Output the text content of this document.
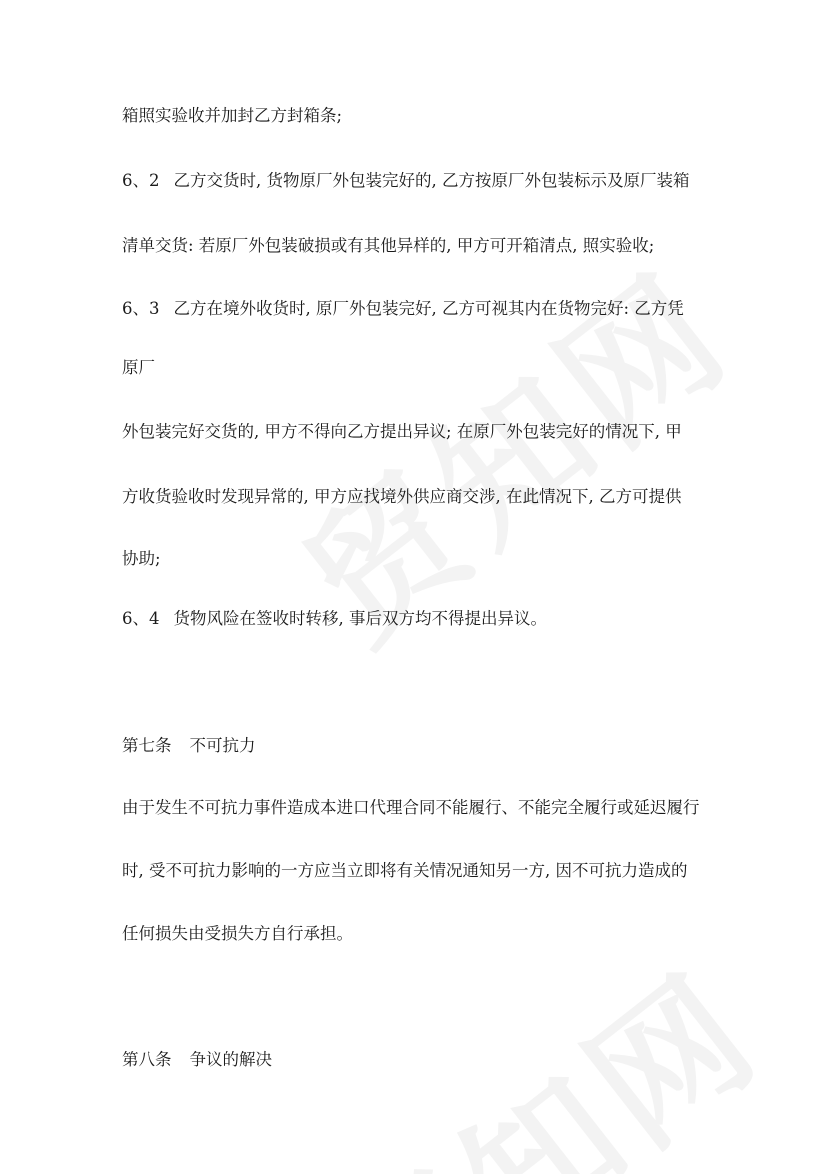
箱照实验收并加封乙方封箱条;
6、2 乙方交货时, 货物原厂外包装完好的, 乙方按原厂外包装标示及原厂装箱
清单交货: 若原厂外包装破损或有其他异样的, 甲方可开箱清点, 照实验收;
6、3 乙方在境外收货时, 原厂外包装完好, 乙方可视其内在货物完好: 乙方凭
原厂
外包装完好交货的, 甲方不得向乙方提出异议; 在原厂外包装完好的情况下, 甲
方收货验收时发现异常的, 甲方应找境外供应商交涉, 在此情况下, 乙方可提供
协助;
6、4 货物风险在签收时转移, 事后双方均不得提出异议。
第七条 不可抗力
由于发生不可抗力事件造成本进口代理合同不能履行、不能完全履行或延迟履行
时, 受不可抗力影响的一方应当立即将有关情况通知另一方, 因不可抗力造成的
任何损失由受损失方自行承担。
第八条 争议的解决
